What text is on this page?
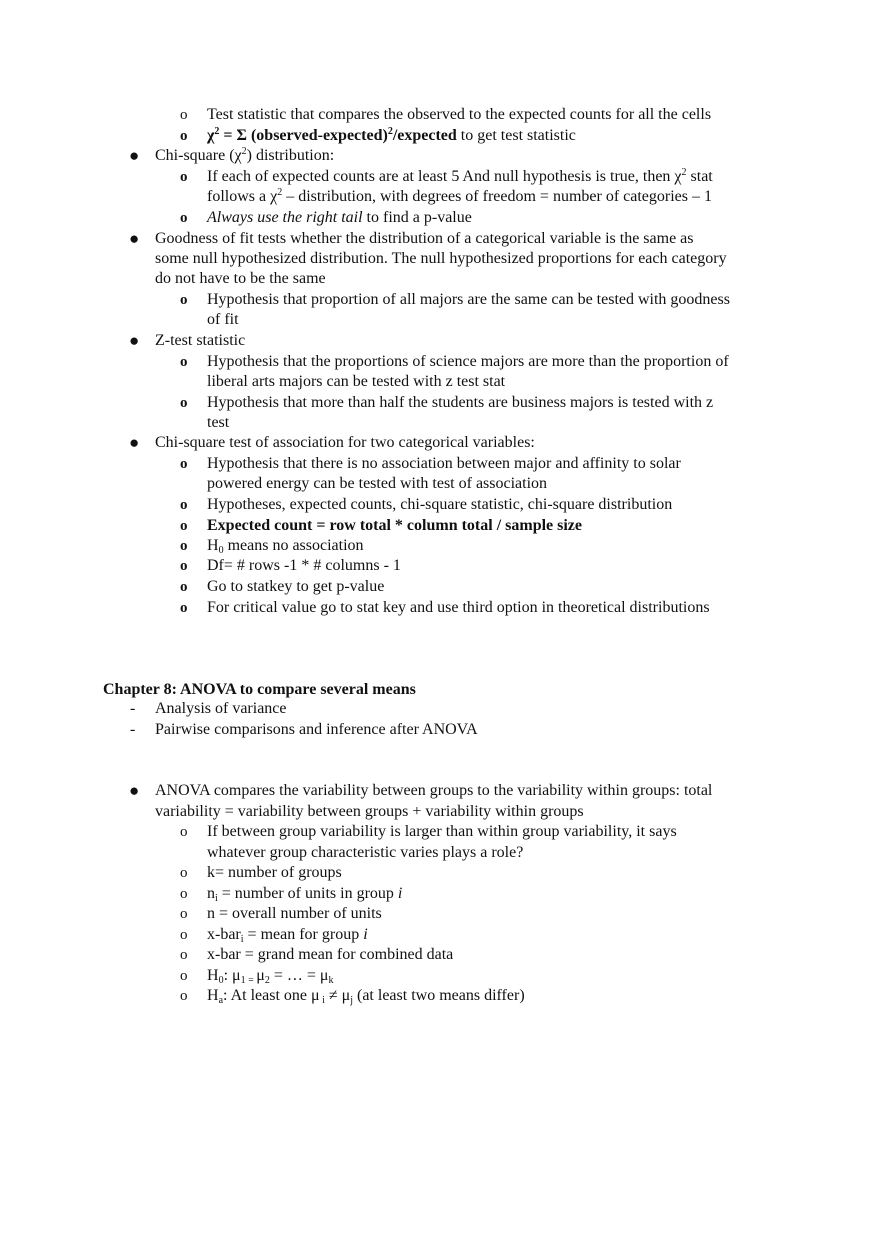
o Test statistic that compares the observed to the expected counts for all the cells
o $\chi^2 = \Sigma$ (observed-expected)$^2$/expected to get test statistic
● Chi-square $(\chi^2)$ distribution:
o If each of expected counts are at least 5 And null hypothesis is true, then $\chi^2$ stat
follows a $\chi^2$ – distribution, with degrees of freedom = number of categories – 1
o Always use the right tail to find a p-value
● Goodness of fit tests whether the distribution of a categorical variable is the same as
some null hypothesized distribution. The null hypothesized proportions for each category
do not have to be the same
o Hypothesis that proportion of all majors are the same can be tested with goodness
of fit
● Z-test statistic
o Hypothesis that the proportions of science majors are more than the proportion of
liberal arts majors can be tested with z test stat
o Hypothesis that more than half the students are business majors is tested with z
test
● Chi-square test of association for two categorical variables:
o Hypothesis that there is no association between major and affinity to solar
powered energy can be tested with test of association
o Hypotheses, expected counts, chi-square statistic, chi-square distribution
o Expected count = row total * column total / sample size
o $H_0$ means no association
o Df= # rows -1 * # columns - 1
o Go to statkey to get p-value
o For critical value go to stat key and use third option in theoretical distributions
Chapter 8: ANOVA to compare several means
- Analysis of variance
- Pairwise comparisons and inference after ANOVA
● ANOVA compares the variability between groups to the variability within groups: total
variability = variability between groups + variability within groups
o If between group variability is larger than within group variability, it says
whatever group characteristic varies plays a role?
o k= number of groups
o $n_i$ = number of units in group i
o n = overall number of units
o x-bar$_i$ = mean for group i
o x-bar = grand mean for combined data
o $H_0$: $\mu_{1 =}$ $\mu_2$ = … = $\mu_k$
o $H_a$: At least one μ $_i \ne \mu_j$ (at least two means differ)
